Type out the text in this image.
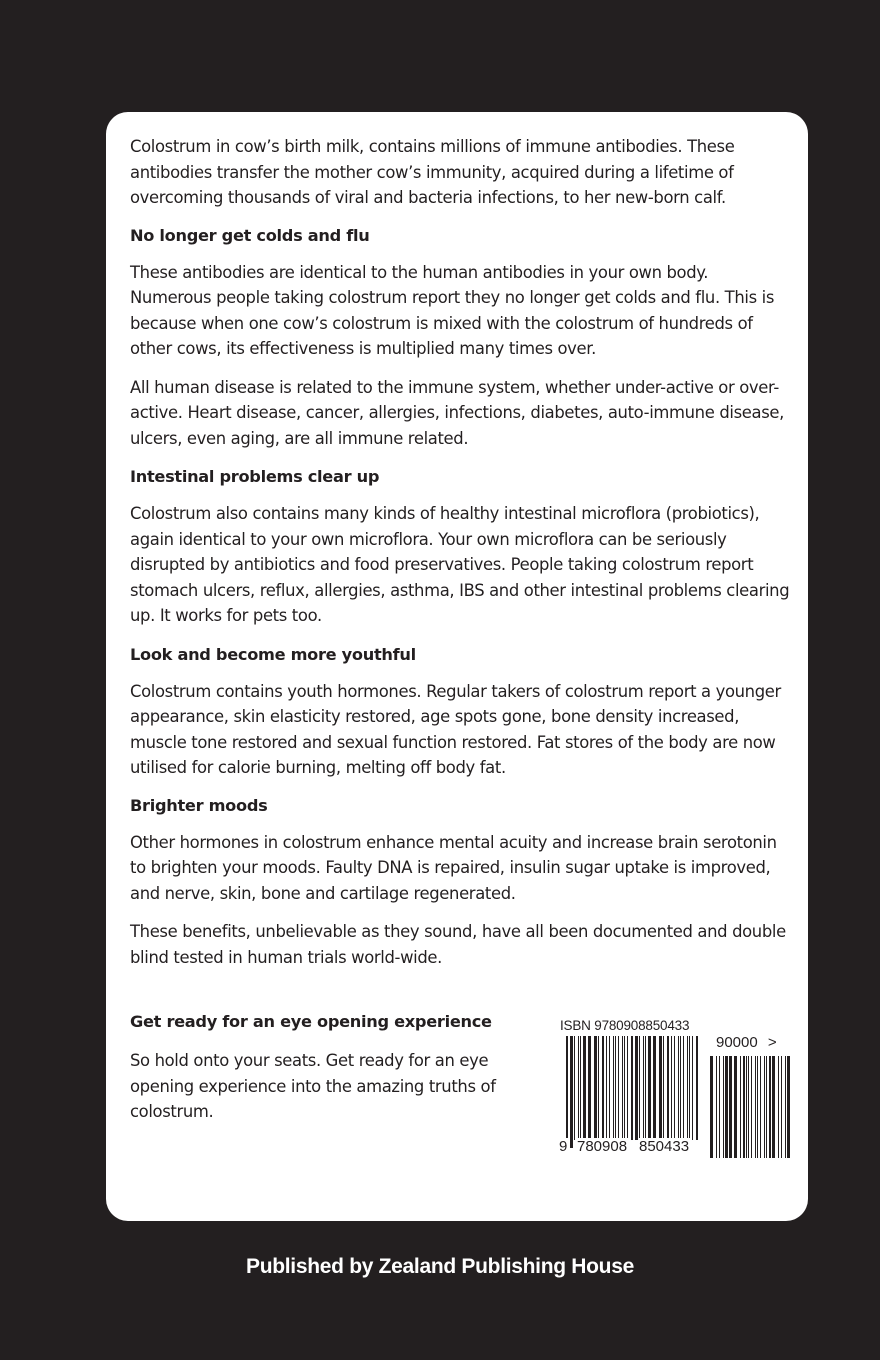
Colostrum in cow’s birth milk, contains millions of immune antibodies. These antibodies transfer the mother cow’s immunity, acquired during a lifetime of overcoming thousands of viral and bacteria infections, to her new-born calf.

No longer get colds and flu

These antibodies are identical to the human antibodies in your own body. Numerous people taking colostrum report they no longer get colds and flu. This is because when one cow’s colostrum is mixed with the colostrum of hundreds of other cows, its effectiveness is multiplied many times over.

All human disease is related to the immune system, whether under-active or over-active. Heart disease, cancer, allergies, infections, diabetes, auto-immune disease, ulcers, even aging, are all immune related.

Intestinal problems clear up

Colostrum also contains many kinds of healthy intestinal microflora (probiotics), again identical to your own microflora. Your own microflora can be seriously disrupted by antibiotics and food preservatives. People taking colostrum report stomach ulcers, reflux, allergies, asthma, IBS and other intestinal problems clearing up. It works for pets too.

Look and become more youthful

Colostrum contains youth hormones. Regular takers of colostrum report a younger appearance, skin elasticity restored, age spots gone, bone density increased, muscle tone restored and sexual function restored. Fat stores of the body are now utilised for calorie burning, melting off body fat.

Brighter moods

Other hormones in colostrum enhance mental acuity and increase brain serotonin to brighten your moods. Faulty DNA is repaired, insulin sugar uptake is improved, and nerve, skin, bone and cartilage regenerated.

These benefits, unbelievable as they sound, have all been documented and double blind tested in human trials world-wide.

Get ready for an eye opening experience

So hold onto your seats. Get ready for an eye opening experience into the amazing truths of colostrum.

ISBN 9780908850433
90000 >
9 780908 850433
Published by Zealand Publishing House
